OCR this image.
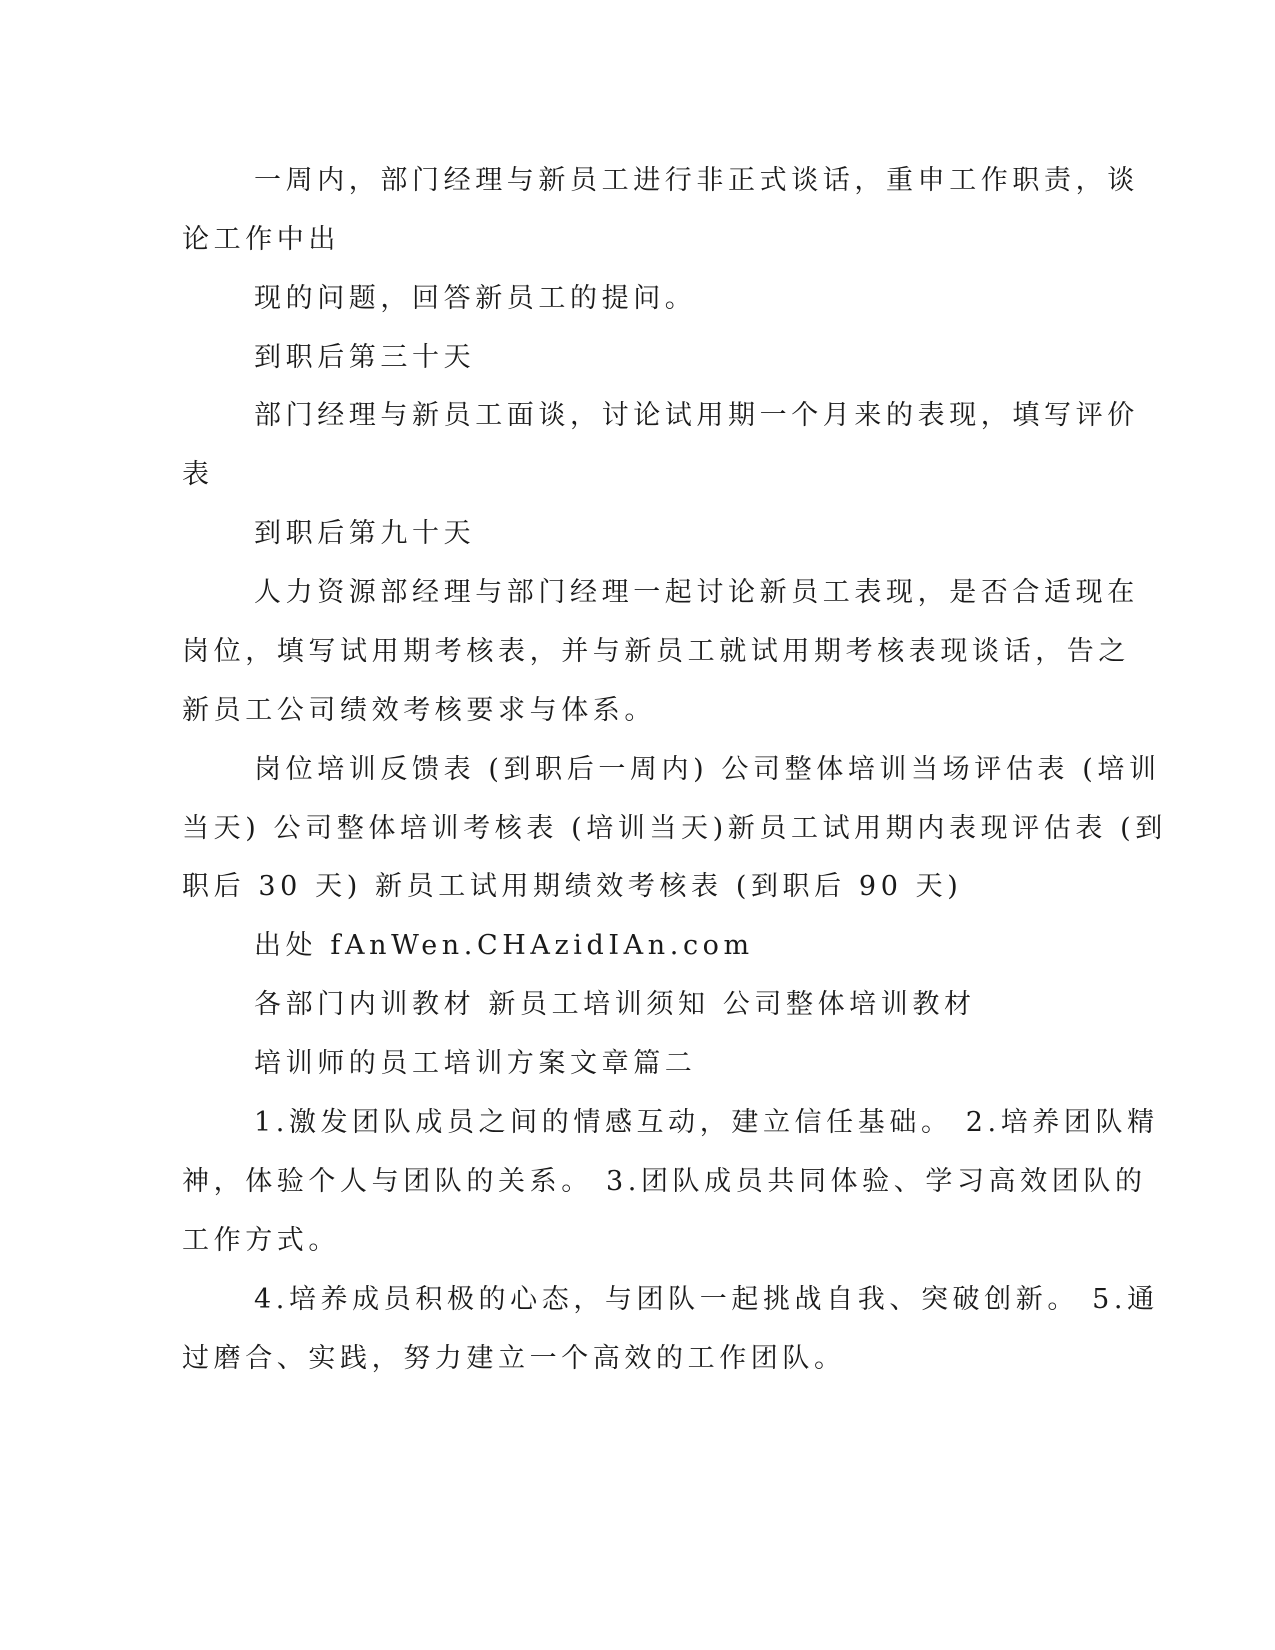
一周内，部门经理与新员工进行非正式谈话，重申工作职责，谈
论工作中出
现的问题，回答新员工的提问。
到职后第三十天
部门经理与新员工面谈，讨论试用期一个月来的表现，填写评价
表
到职后第九十天
人力资源部经理与部门经理一起讨论新员工表现，是否合适现在
岗位，填写试用期考核表，并与新员工就试用期考核表现谈话，告之
新员工公司绩效考核要求与体系。
岗位培训反馈表 (到职后一周内) 公司整体培训当场评估表 (培训
当天) 公司整体培训考核表 (培训当天)新员工试用期内表现评估表 (到
职后 30 天) 新员工试用期绩效考核表 (到职后 90 天)
出处 fAnWen.CHAzidIAn.com
各部门内训教材 新员工培训须知 公司整体培训教材
培训师的员工培训方案文章篇二
1.激发团队成员之间的情感互动，建立信任基础。 2.培养团队精
神，体验个人与团队的关系。 3.团队成员共同体验、学习高效团队的
工作方式。
4.培养成员积极的心态，与团队一起挑战自我、突破创新。 5.通
过磨合、实践，努力建立一个高效的工作团队。
